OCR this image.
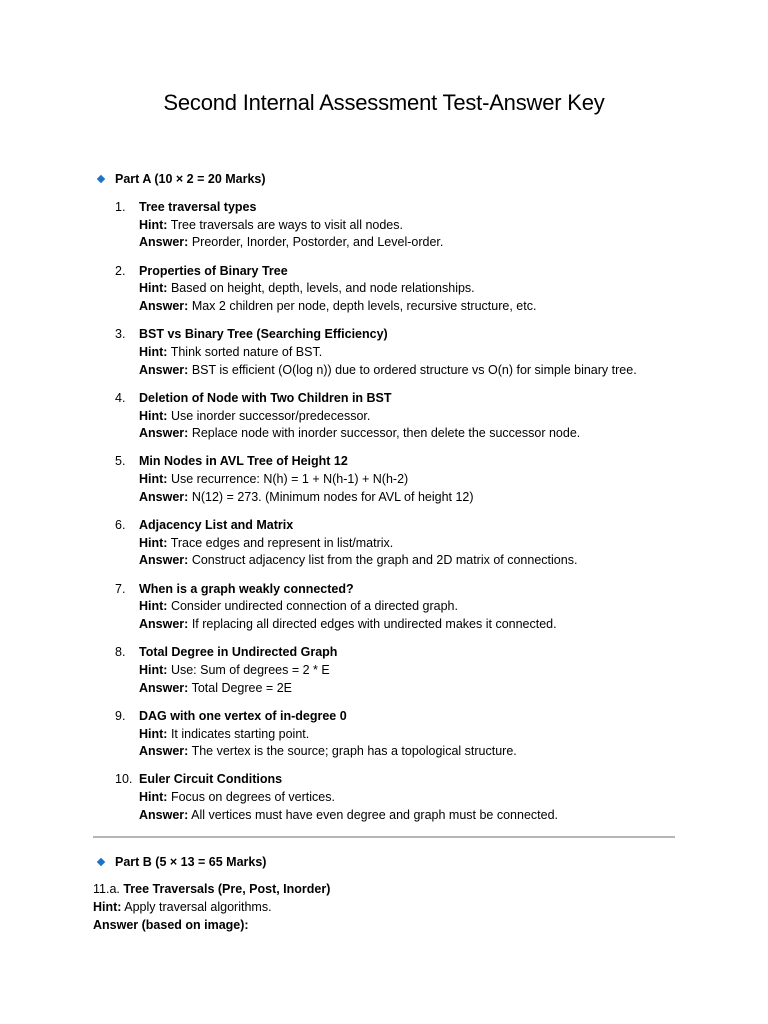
Second Internal Assessment Test-Answer Key
Part A (10 × 2 = 20 Marks)
1.	Tree traversal types
Hint: Tree traversals are ways to visit all nodes.
Answer: Preorder, Inorder, Postorder, and Level-order.
2.	Properties of Binary Tree
Hint: Based on height, depth, levels, and node relationships.
Answer: Max 2 children per node, depth levels, recursive structure, etc.
3.	BST vs Binary Tree (Searching Efficiency)
Hint: Think sorted nature of BST.
Answer: BST is efficient (O(log n)) due to ordered structure vs O(n) for simple binary tree.
4.	Deletion of Node with Two Children in BST
Hint: Use inorder successor/predecessor.
Answer: Replace node with inorder successor, then delete the successor node.
5.	Min Nodes in AVL Tree of Height 12
Hint: Use recurrence: N(h) = 1 + N(h-1) + N(h-2)
Answer: N(12) = 273. (Minimum nodes for AVL of height 12)
6.	Adjacency List and Matrix
Hint: Trace edges and represent in list/matrix.
Answer: Construct adjacency list from the graph and 2D matrix of connections.
7.	When is a graph weakly connected?
Hint: Consider undirected connection of a directed graph.
Answer: If replacing all directed edges with undirected makes it connected.
8.	Total Degree in Undirected Graph
Hint: Use: Sum of degrees = 2 * E
Answer: Total Degree = 2E
9.	DAG with one vertex of in-degree 0
Hint: It indicates starting point.
Answer: The vertex is the source; graph has a topological structure.
10. Euler Circuit Conditions
Hint: Focus on degrees of vertices.
Answer: All vertices must have even degree and graph must be connected.
Part B (5 × 13 = 65 Marks)
11.a. Tree Traversals (Pre, Post, Inorder)
Hint: Apply traversal algorithms.
Answer (based on image):
